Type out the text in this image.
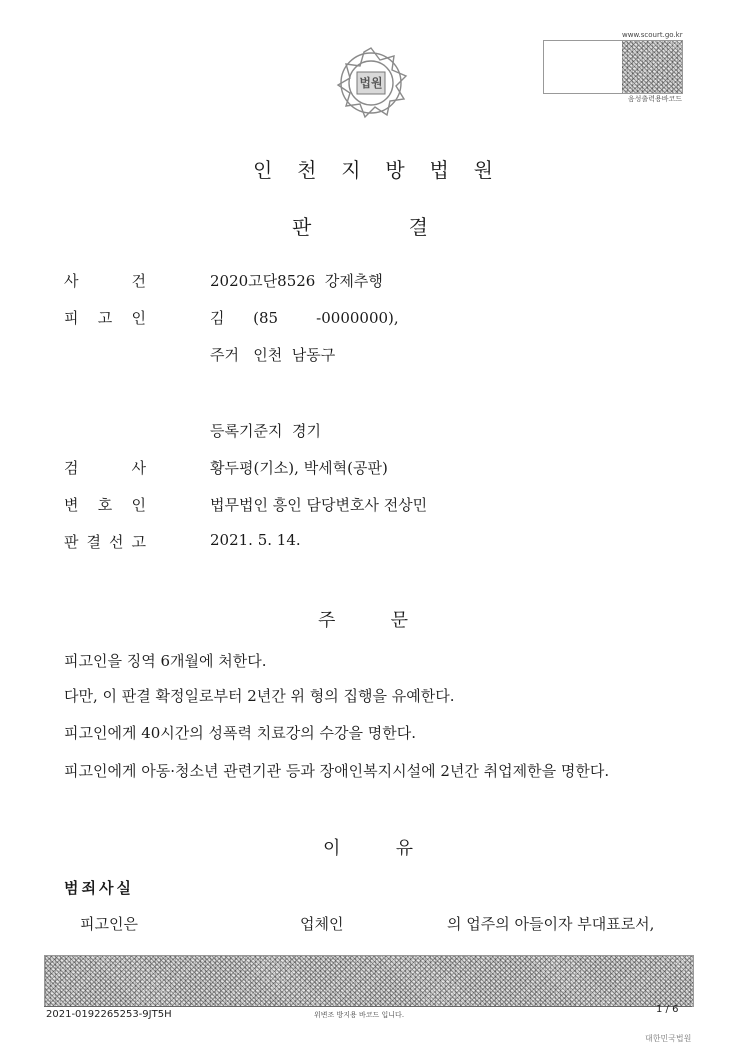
법원
www.scourt.go.kr
음성출력용바코드
인 천 지 방 법 원
판	결
사	건	2020고단8526  강제추행
피 고 인	김      (85        -0000000),
주거   인천  남동구
등록기준지  경기
검	사	황두평(기소), 박세혁(공판)
변 호 인	법무법인 흥인 담당변호사 전상민
판 결 선 고	2021. 5. 14.
주	문
피고인을 징역 6개월에 처한다.
다만, 이 판결 확정일로부터 2년간 위 형의 집행을 유예한다.
피고인에게 40시간의 성폭력 치료강의 수강을 명한다.
피고인에게 아동·청소년 관련기관 등과 장애인복지시설에 2년간 취업제한을 명한다.
이	유
범죄사실
피고인은	업체인	의 업주의 아들이자 부대표로서,
2021-0192265253-9JT5H	위변조 방지용 바코드 입니다.	1 / 6
대한민국법원
